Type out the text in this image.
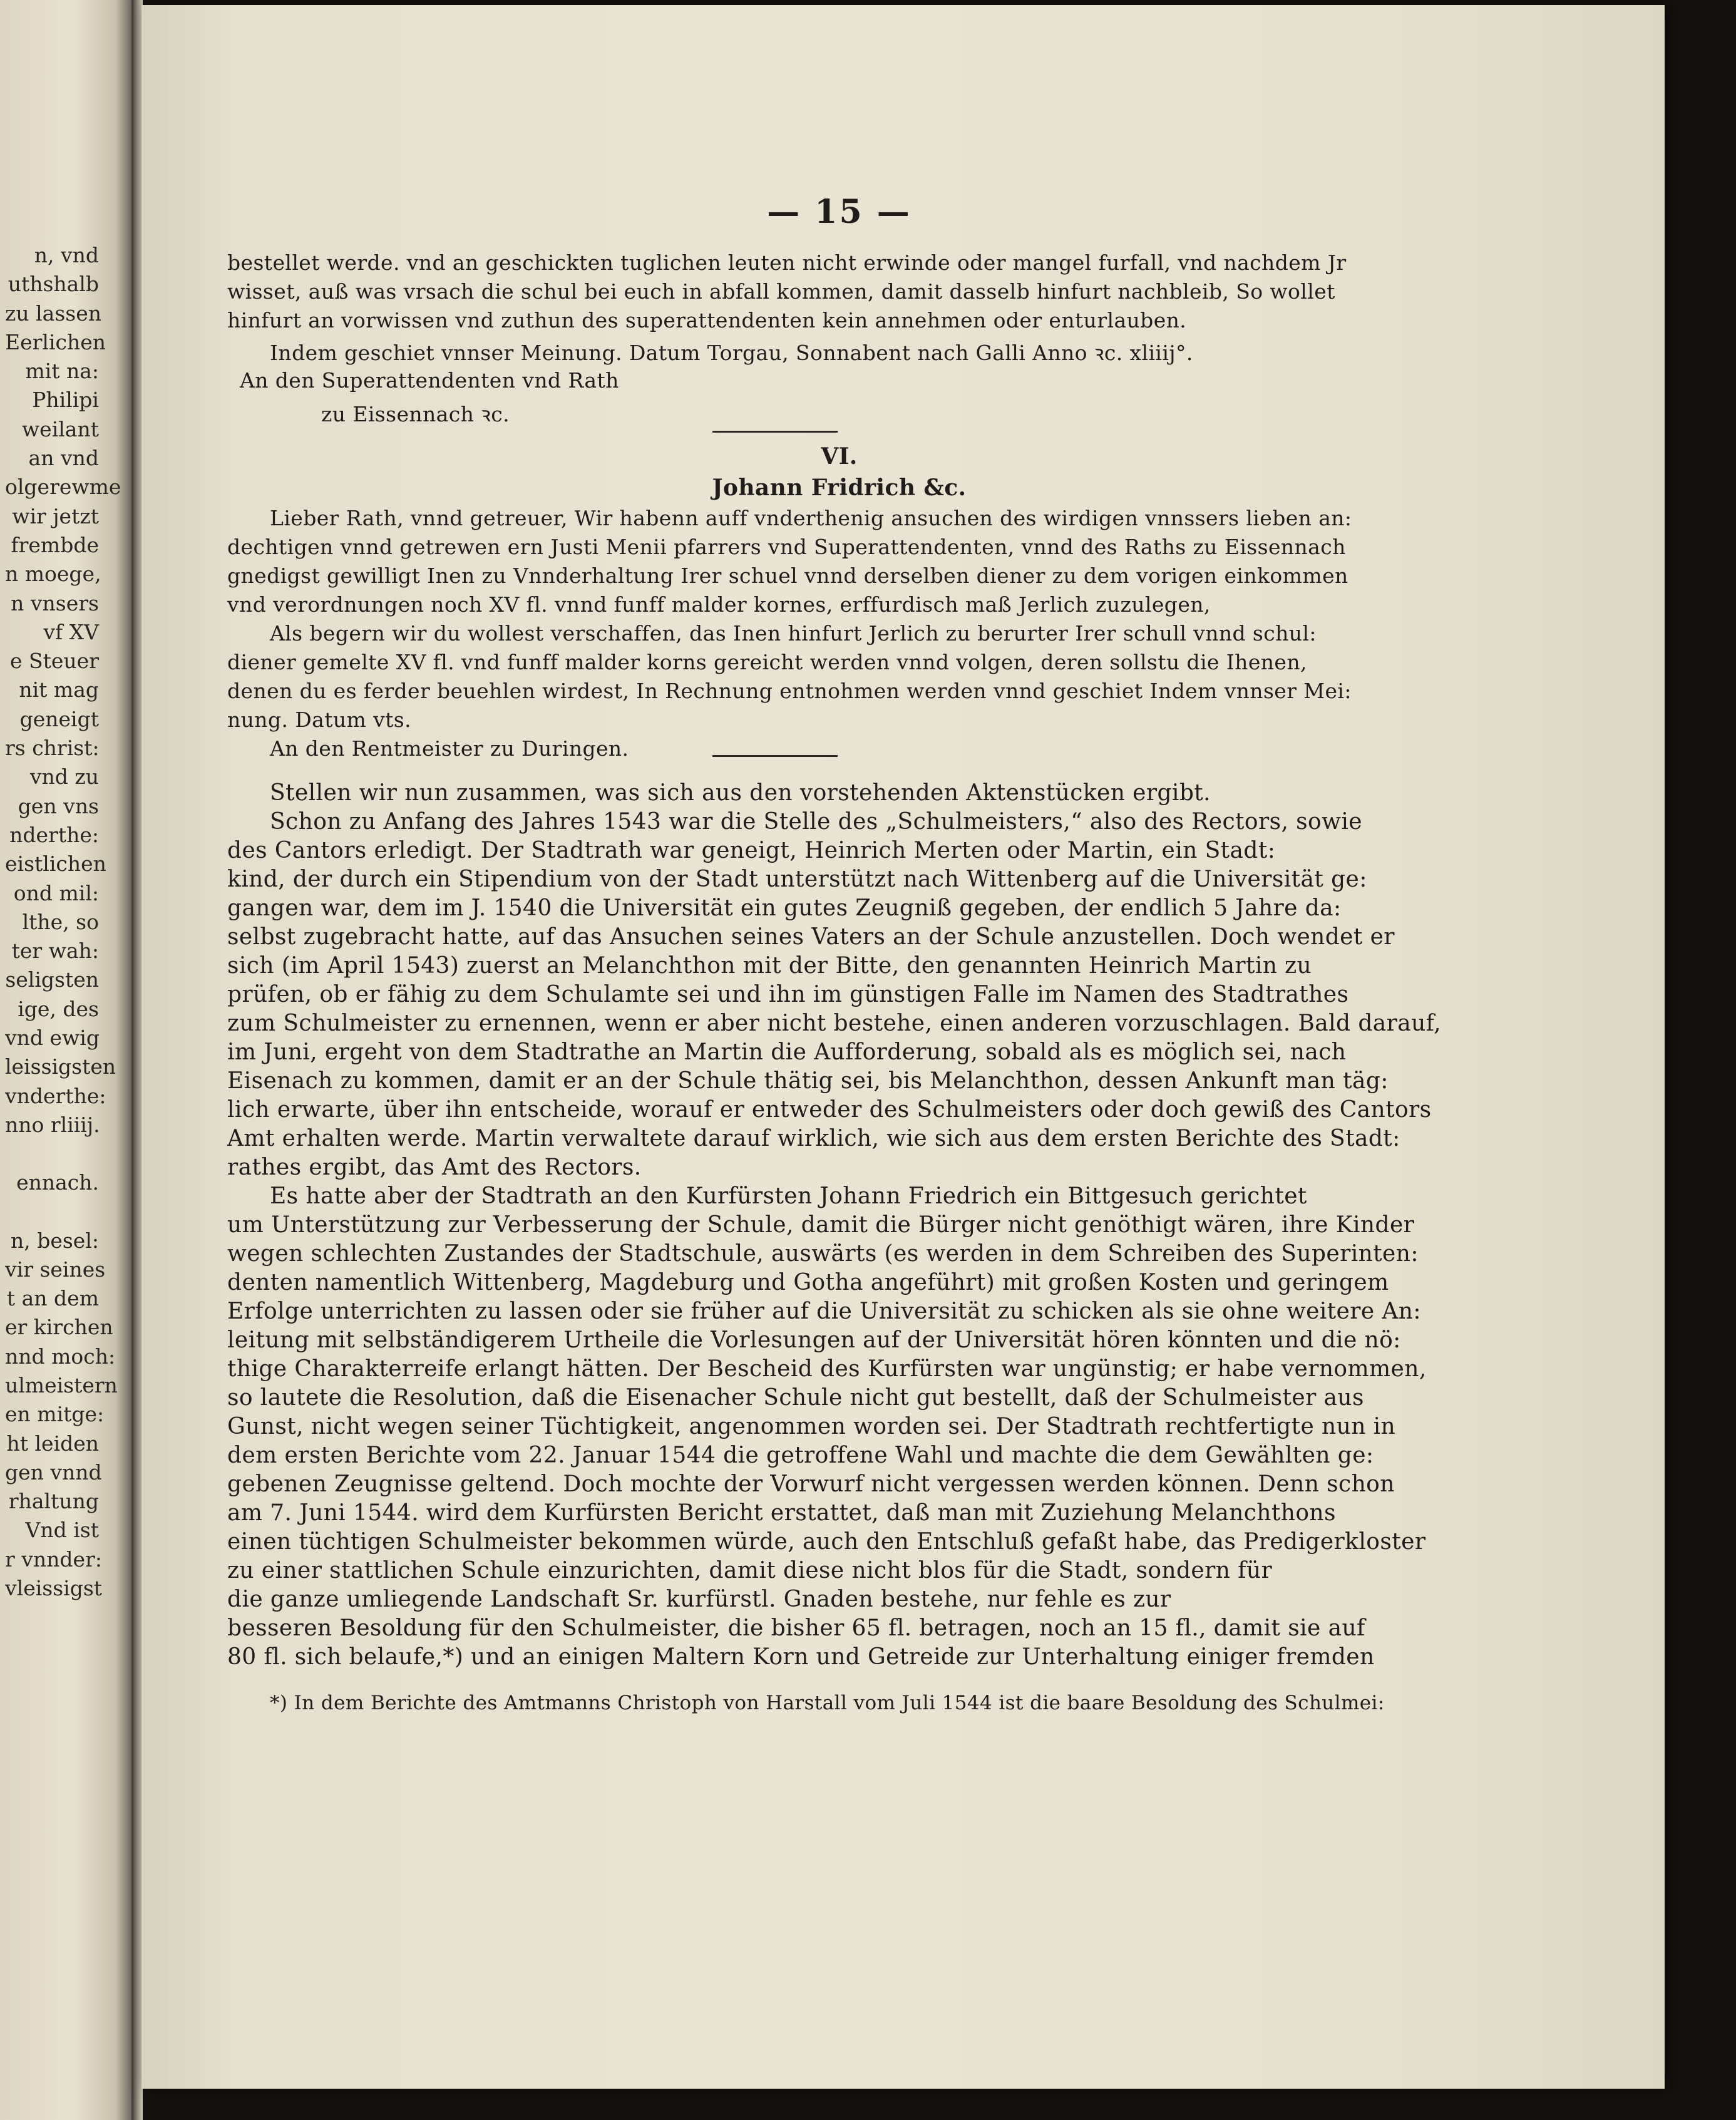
n, vnd
uthshalb
zu lassen
Eerlichen
mit na:
Philipi
weilant
an vnd
olgerewme
wir jetzt
frembde
n moege,
n vnsers
vf XV
e Steuer
nit mag
geneigt
rs christ:
vnd zu
gen vns
nderthe:
eistlichen
ond mil:
lthe, so
ter wah:
seligsten
ige, des
vnd ewig
leissigsten
vnderthe:
nno rliiij.
ennach.
n, besel:
vir seines
t an dem
er kirchen
nnd moch:
ulmeistern
en mitge:
ht leiden
gen vnnd
rhaltung
Vnd ist
r vnnder:
vleissigst
— 15 —
bestellet werde. vnd an geschickten tuglichen leuten nicht erwinde oder mangel furfall, vnd nachdem Jr
wisset, auß was vrsach die schul bei euch in abfall kommen, damit dasselb hinfurt nachbleib, So wollet
hinfurt an vorwissen vnd zuthun des superattendenten kein annehmen oder enturlauben.
Indem geschiet vnnser Meinung. Datum Torgau, Sonnabent nach Galli Anno ꝛc. xliiij°.
An den Superattendenten vnd Rath
zu Eissennach ꝛc.
VI.
Johann Fridrich &c.
Lieber Rath, vnnd getreuer, Wir habenn auff vnderthenig ansuchen des wirdigen vnnssers lieben an:
dechtigen vnnd getrewen ern Justi Menii pfarrers vnd Superattendenten, vnnd des Raths zu Eissennach
gnedigst gewilligt Inen zu Vnnderhaltung Irer schuel vnnd derselben diener zu dem vorigen einkommen
vnd verordnungen noch XV fl. vnnd funff malder kornes, erffurdisch maß Jerlich zuzulegen,
Als begern wir du wollest verschaffen, das Inen hinfurt Jerlich zu berurter Irer schull vnnd schul:
diener gemelte XV fl. vnd funff malder korns gereicht werden vnnd volgen, deren sollstu die Ihenen,
denen du es ferder beuehlen wirdest, In Rechnung entnohmen werden vnnd geschiet Indem vnnser Mei:
nung. Datum vts.
An den Rentmeister zu Duringen.
Stellen wir nun zusammen, was sich aus den vorstehenden Aktenstücken ergibt.
Schon zu Anfang des Jahres 1543 war die Stelle des „Schulmeisters,“ also des Rectors, sowie
des Cantors erledigt. Der Stadtrath war geneigt, Heinrich Merten oder Martin, ein Stadt:
kind, der durch ein Stipendium von der Stadt unterstützt nach Wittenberg auf die Universität ge:
gangen war, dem im J. 1540 die Universität ein gutes Zeugniß gegeben, der endlich 5 Jahre da:
selbst zugebracht hatte, auf das Ansuchen seines Vaters an der Schule anzustellen. Doch wendet er
sich (im April 1543) zuerst an Melanchthon mit der Bitte, den genannten Heinrich Martin zu
prüfen, ob er fähig zu dem Schulamte sei und ihn im günstigen Falle im Namen des Stadtrathes
zum Schulmeister zu ernennen, wenn er aber nicht bestehe, einen anderen vorzuschlagen. Bald darauf,
im Juni, ergeht von dem Stadtrathe an Martin die Aufforderung, sobald als es möglich sei, nach
Eisenach zu kommen, damit er an der Schule thätig sei, bis Melanchthon, dessen Ankunft man täg:
lich erwarte, über ihn entscheide, worauf er entweder des Schulmeisters oder doch gewiß des Cantors
Amt erhalten werde. Martin verwaltete darauf wirklich, wie sich aus dem ersten Berichte des Stadt:
rathes ergibt, das Amt des Rectors.
Es hatte aber der Stadtrath an den Kurfürsten Johann Friedrich ein Bittgesuch gerichtet
um Unterstützung zur Verbesserung der Schule, damit die Bürger nicht genöthigt wären, ihre Kinder
wegen schlechten Zustandes der Stadtschule, auswärts (es werden in dem Schreiben des Superinten:
denten namentlich Wittenberg, Magdeburg und Gotha angeführt) mit großen Kosten und geringem
Erfolge unterrichten zu lassen oder sie früher auf die Universität zu schicken als sie ohne weitere An:
leitung mit selbständigerem Urtheile die Vorlesungen auf der Universität hören könnten und die nö:
thige Charakterreife erlangt hätten. Der Bescheid des Kurfürsten war ungünstig; er habe vernommen,
so lautete die Resolution, daß die Eisenacher Schule nicht gut bestellt, daß der Schulmeister aus
Gunst, nicht wegen seiner Tüchtigkeit, angenommen worden sei. Der Stadtrath rechtfertigte nun in
dem ersten Berichte vom 22. Januar 1544 die getroffene Wahl und machte die dem Gewählten ge:
gebenen Zeugnisse geltend. Doch mochte der Vorwurf nicht vergessen werden können. Denn schon
am 7. Juni 1544. wird dem Kurfürsten Bericht erstattet, daß man mit Zuziehung Melanchthons
einen tüchtigen Schulmeister bekommen würde, auch den Entschluß gefaßt habe, das Predigerkloster
zu einer stattlichen Schule einzurichten, damit diese nicht blos für die Stadt, sondern für
die ganze umliegende Landschaft Sr. kurfürstl. Gnaden bestehe, nur fehle es zur
besseren Besoldung für den Schulmeister, die bisher 65 fl. betragen, noch an 15 fl., damit sie auf
80 fl. sich belaufe,*) und an einigen Maltern Korn und Getreide zur Unterhaltung einiger fremden
*) In dem Berichte des Amtmanns Christoph von Harstall vom Juli 1544 ist die baare Besoldung des Schulmei:
